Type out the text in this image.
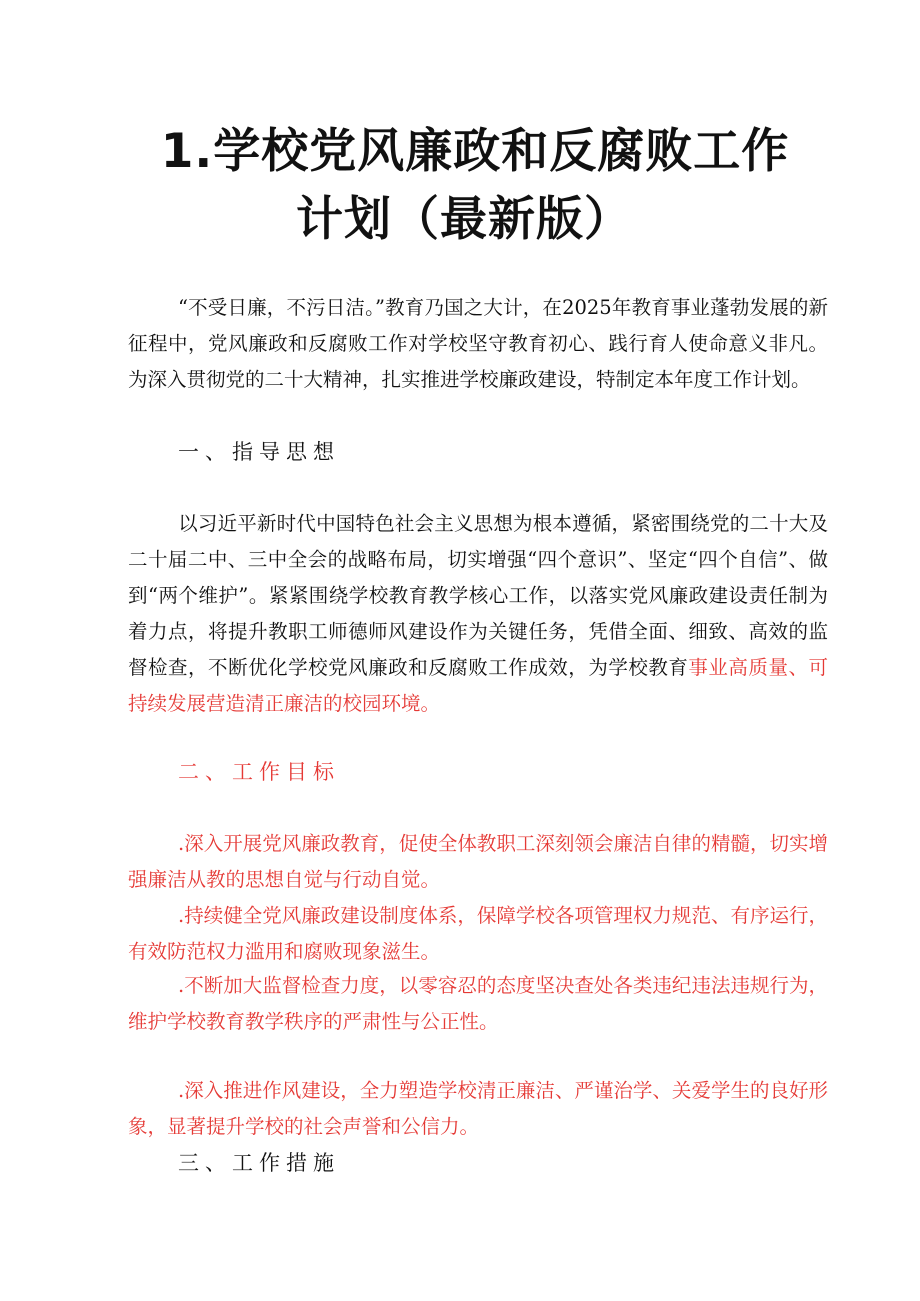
1.学校党风廉政和反腐败工作
计划（最新版）

“不受日廉，不污日洁。”教育乃国之大计，在2025年教育事业蓬勃发展的新征程中，党风廉政和反腐败工作对学校坚守教育初心、践行育人使命意义非凡。为深入贯彻党的二十大精神，扎实推进学校廉政建设，特制定本年度工作计划。

一、指导思想

以习近平新时代中国特色社会主义思想为根本遵循，紧密围绕党的二十大及二十届二中、三中全会的战略布局，切实增强“四个意识”、坚定“四个自信”、做到“两个维护”。紧紧围绕学校教育教学核心工作，以落实党风廉政建设责任制为着力点，将提升教职工师德师风建设作为关键任务，凭借全面、细致、高效的监督检查，不断优化学校党风廉政和反腐败工作成效，为学校教育事业高质量、可持续发展营造清正廉洁的校园环境。

二、工作目标

.深入开展党风廉政教育，促使全体教职工深刻领会廉洁自律的精髓，切实增强廉洁从教的思想自觉与行动自觉。

.持续健全党风廉政建设制度体系，保障学校各项管理权力规范、有序运行，有效防范权力滥用和腐败现象滋生。

.不断加大监督检查力度，以零容忍的态度坚决查处各类违纪违法违规行为，维护学校教育教学秩序的严肃性与公正性。

.深入推进作风建设，全力塑造学校清正廉洁、严谨治学、关爱学生的良好形象，显著提升学校的社会声誉和公信力。

三、工作措施
